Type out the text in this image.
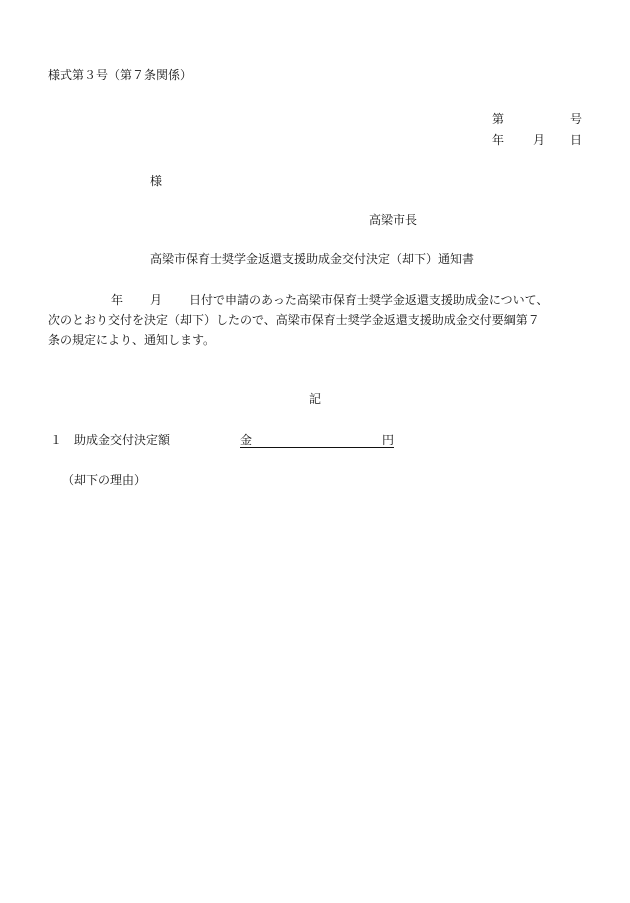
様式第３号（第７条関係）
第	号
年 月 日
様
高梁市長
高梁市保育士奨学金返還支援助成金交付決定（却下）通知書
年 月 日付で申請のあった高梁市保育士奨学金返還支援助成金について、
次のとおり交付を決定（却下）したので、高梁市保育士奨学金返還支援助成金交付要綱第７
条の規定により、通知します。
記
１　助成金交付決定額	金	円
（却下の理由）
